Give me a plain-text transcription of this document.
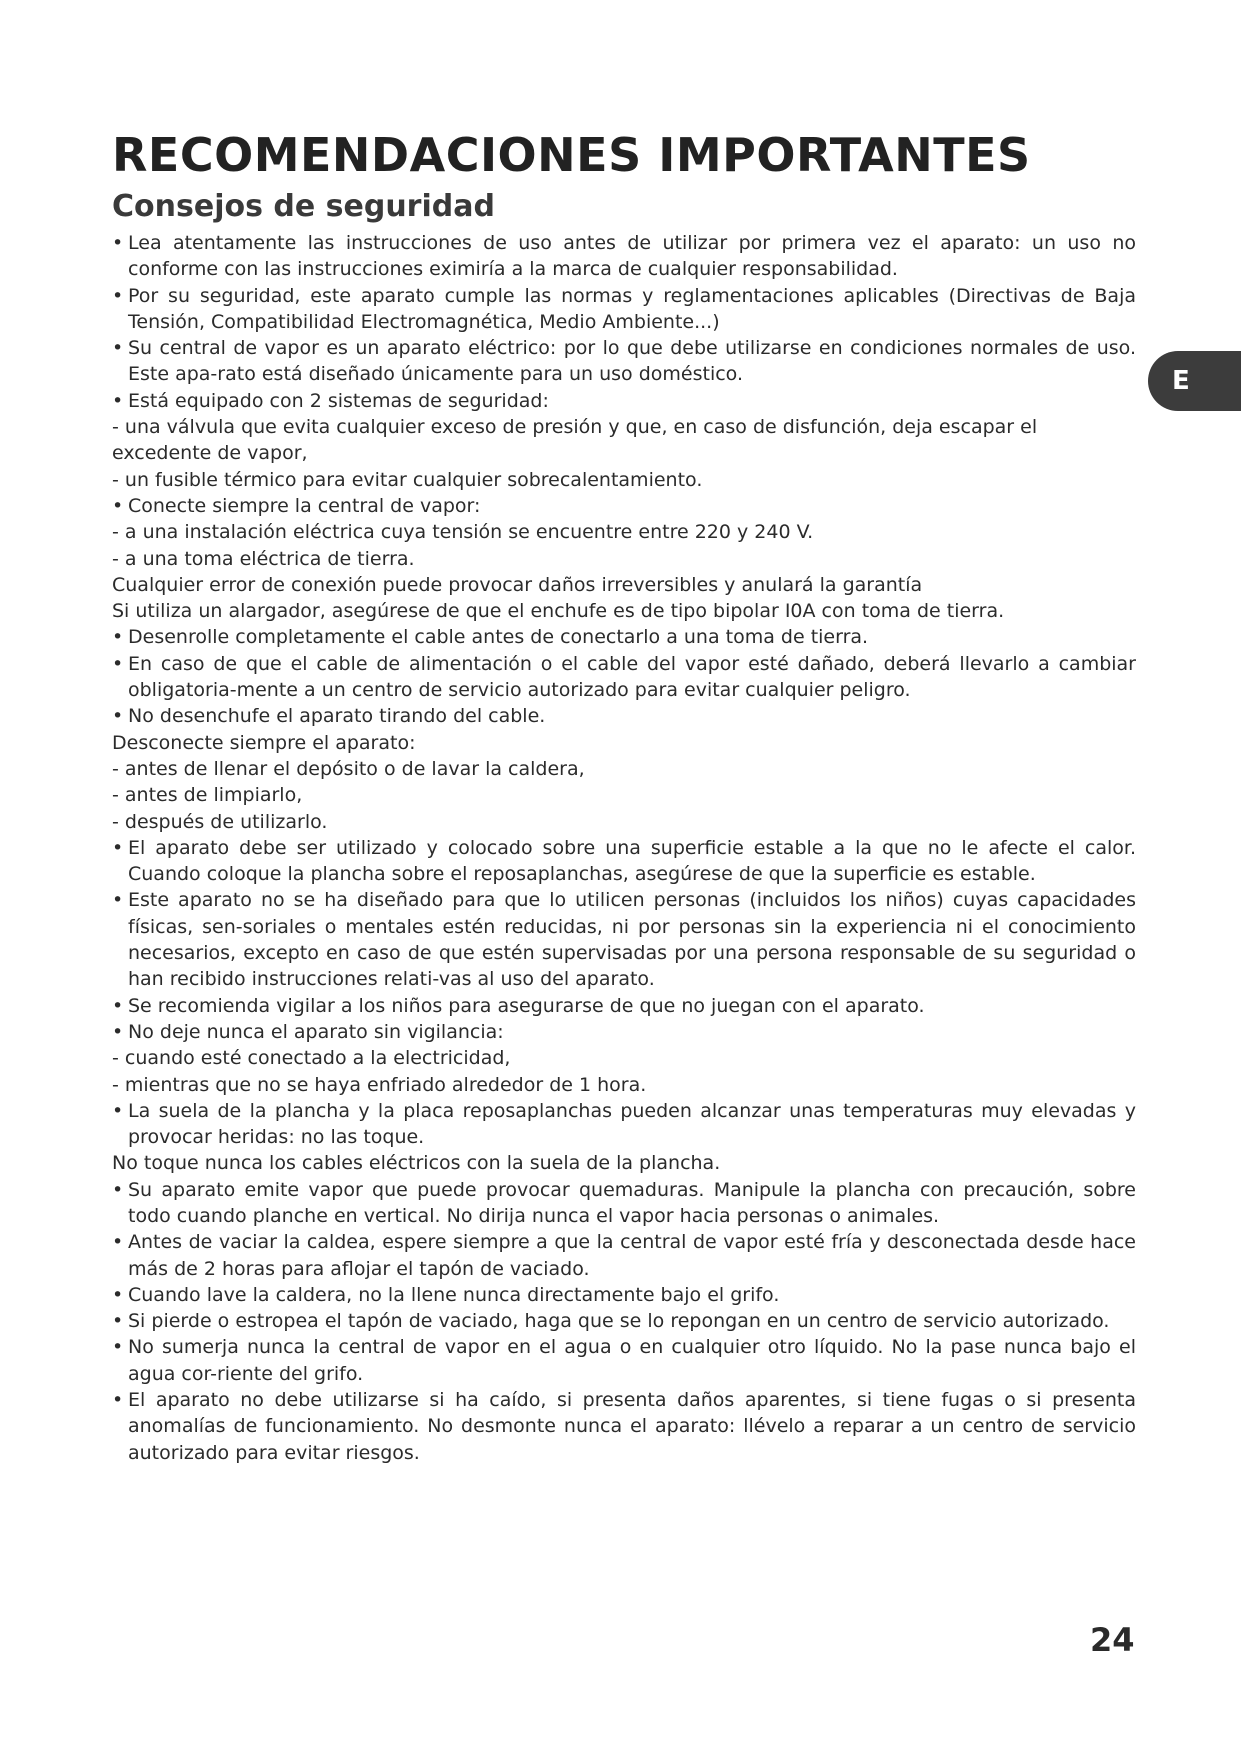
RECOMENDACIONES IMPORTANTES
Consejos de seguridad
E

• Lea atentamente las instrucciones de uso antes de utilizar por primera vez el aparato: un uso no conforme con las instrucciones eximiría a la marca de cualquier responsabilidad.

• Por su seguridad, este aparato cumple las normas y reglamentaciones aplicables (Directivas de Baja Tensión, Compatibilidad Electromagnética, Medio Ambiente...)

• Su central de vapor es un aparato eléctrico: por lo que debe utilizarse en condiciones normales de uso. Este apa-rato está diseñado únicamente para un uso doméstico.

• Está equipado con 2 sistemas de seguridad:

- una válvula que evita cualquier exceso de presión y que, en caso de disfunción, deja escapar el excedente de vapor,

- un fusible térmico para evitar cualquier sobrecalentamiento.

• Conecte siempre la central de vapor:

- a una instalación eléctrica cuya tensión se encuentre entre 220 y 240 V.

- a una toma eléctrica de tierra.

Cualquier error de conexión puede provocar daños irreversibles y anulará la garantía

Si utiliza un alargador, asegúrese de que el enchufe es de tipo bipolar I0A con toma de tierra.

• Desenrolle completamente el cable antes de conectarlo a una toma de tierra.

• En caso de que el cable de alimentación o el cable del vapor esté dañado, deberá llevarlo a cambiar obligatoria-mente a un centro de servicio autorizado para evitar cualquier peligro.

• No desenchufe el aparato tirando del cable.

Desconecte siempre el aparato:

- antes de llenar el depósito o de lavar la caldera,

- antes de limpiarlo,

- después de utilizarlo.

• El aparato debe ser utilizado y colocado sobre una superficie estable a la que no le afecte el calor. Cuando coloque la plancha sobre el reposaplanchas, asegúrese de que la superficie es estable.

• Este aparato no se ha diseñado para que lo utilicen personas (incluidos los niños) cuyas capacidades físicas, sen-soriales o mentales estén reducidas, ni por personas sin la experiencia ni el conocimiento necesarios, excepto en caso de que estén supervisadas por una persona responsable de su seguridad o han recibido instrucciones relati-vas al uso del aparato.

• Se recomienda vigilar a los niños para asegurarse de que no juegan con el aparato.

• No deje nunca el aparato sin vigilancia:

- cuando esté conectado a la electricidad,

- mientras que no se haya enfriado alrededor de 1 hora.

• La suela de la plancha y la placa reposaplanchas pueden alcanzar unas temperaturas muy elevadas y provocar heridas: no las toque.

No toque nunca los cables eléctricos con la suela de la plancha.

• Su aparato emite vapor que puede provocar quemaduras. Manipule la plancha con precaución, sobre todo cuando planche en vertical. No dirija nunca el vapor hacia personas o animales.

• Antes de vaciar la caldea, espere siempre a que la central de vapor esté fría y desconectada desde hace más de 2 horas para aflojar el tapón de vaciado.

• Cuando lave la caldera, no la llene nunca directamente bajo el grifo.

• Si pierde o estropea el tapón de vaciado, haga que se lo repongan en un centro de servicio autorizado.

• No sumerja nunca la central de vapor en el agua o en cualquier otro líquido. No la pase nunca bajo el agua cor-riente del grifo.

• El aparato no debe utilizarse si ha caído, si presenta daños aparentes, si tiene fugas o si presenta anomalías de funcionamiento. No desmonte nunca el aparato: llévelo a reparar a un centro de servicio autorizado para evitar riesgos.

24
